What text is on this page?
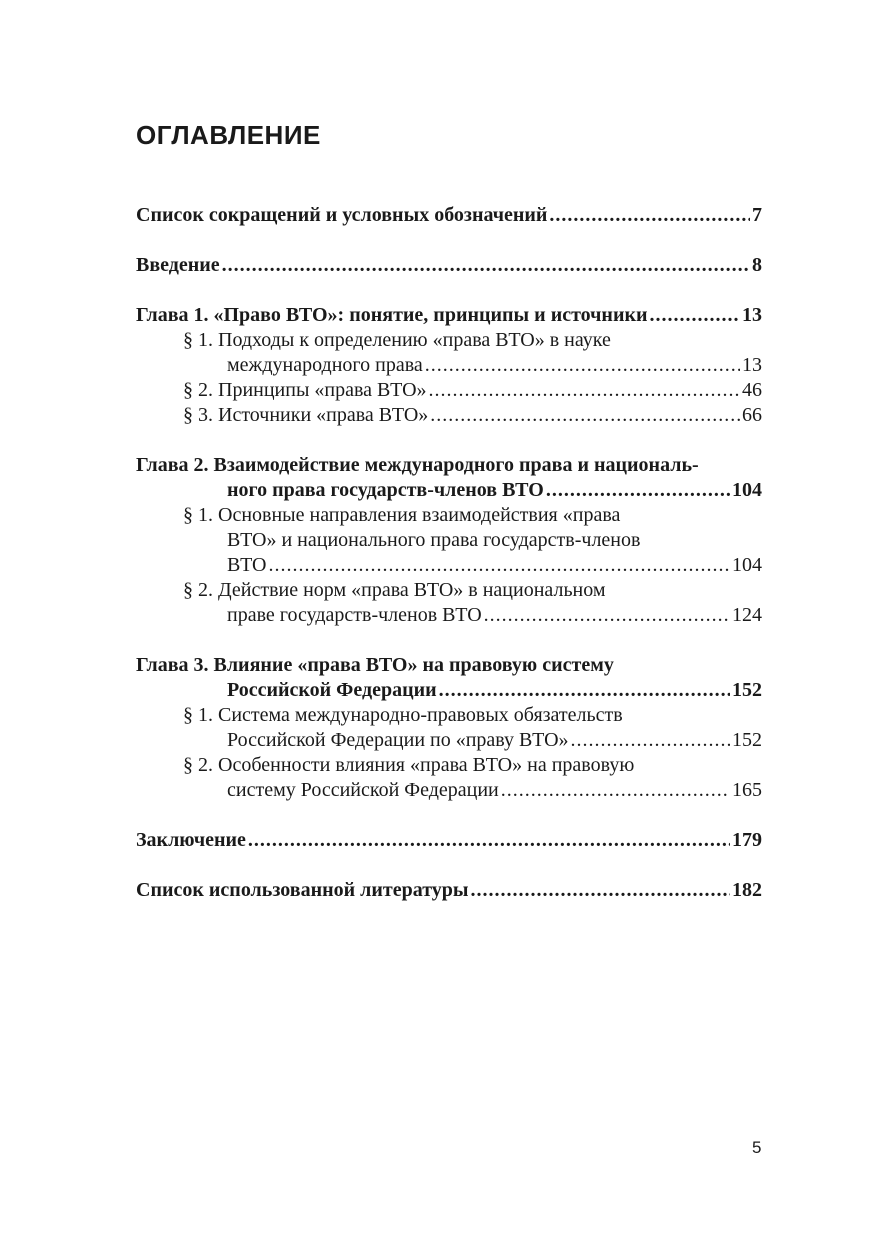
ОГЛАВЛЕНИЕ
Список сокращений и условных обозначений .....	7
Введение .....	8
Глава 1. «Право ВТО»: понятие, принципы и источники .....	13
§ 1. Подходы к определению «права ВТО» в науке
международного права .....	13
§ 2. Принципы «права ВТО» .....	46
§ 3. Источники «права ВТО» .....	66
Глава 2. Взаимодействие международного права и националь-
ного права государств-членов ВТО .....	104
§ 1. Основные направления взаимодействия «права
ВТО» и национального права государств-членов
ВТО .....	104
§ 2. Действие норм «права ВТО» в национальном
праве государств-членов ВТО .....	124
Глава 3. Влияние «права ВТО» на правовую систему
Российской Федерации .....	152
§ 1. Система международно-правовых обязательств
Российской Федерации по «праву ВТО» .....	152
§ 2. Особенности влияния «права ВТО» на правовую
систему Российской Федерации .....	165
Заключение .....	179
Список использованной литературы .....	182
5
